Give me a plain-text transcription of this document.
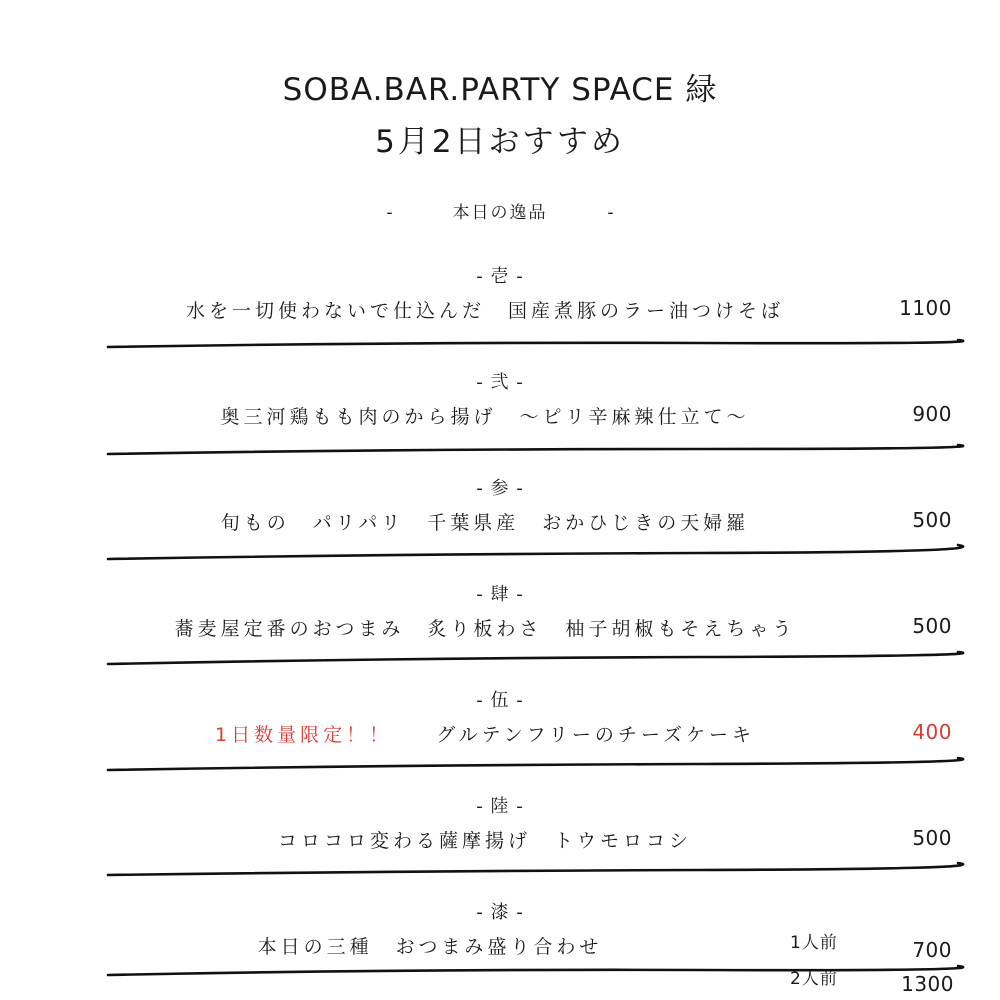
SOBA.BAR.PARTY SPACE 緑
5月2日おすすめ
-	本日の逸品	-
- 壱 -
水を一切使わないで仕込んだ　国産煮豚のラー油つけそば	1100
- 弐 -
奥三河鶏もも肉のから揚げ　～ピリ辛麻辣仕立て～	900
- 参 -
旬もの　パリパリ　千葉県産　おかひじきの天婦羅	500
- 肆 -
蕎麦屋定番のおつまみ　炙り板わさ　柚子胡椒もそえちゃう	500
- 伍 -
1日数量限定！！ グルテンフリーのチーズケーキ	400
- 陸 -
コロコロ変わる薩摩揚げ　トウモロコシ	500
- 漆 -
本日の三種　おつまみ盛り合わせ	1人前	700
2人前	1300
